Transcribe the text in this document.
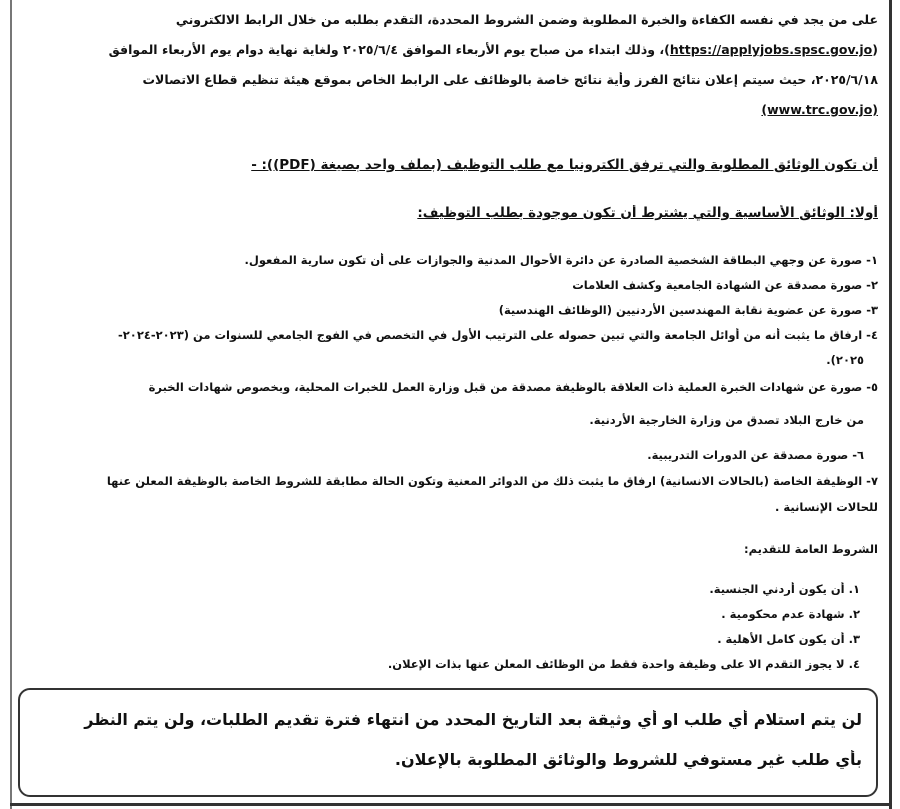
على من يجد في نفسه الكفاءة والخبرة المطلوبة وضمن الشروط المحددة، التقدم بطلبه من خلال الرابط الالكتروني
(https://applyjobs.spsc.gov.jo)، وذلك ابتداء من صباح يوم الأربعاء الموافق ٢٠٢٥/٦/٤ ولغاية نهاية دوام يوم الأربعاء الموافق
٢٠٢٥/٦/١٨، حيث سيتم إعلان نتائج الفرز وأية نتائج خاصة بالوظائف على الرابط الخاص بموقع هيئة تنظيم قطاع الاتصالات
(www.trc.gov.jo)
أن تكون الوثائق المطلوبة والتي ترفق الكترونيا مع طلب التوظيف (بملف واحد بصيغة (PDF)): -
أولا: الوثائق الأساسية والتي يشترط أن تكون موجودة بطلب التوظيف:
١- صورة عن وجهي البطاقة الشخصية الصادرة عن دائرة الأحوال المدنية والجوازات على أن تكون سارية المفعول.
٢- صورة مصدقة عن الشهادة الجامعية وكشف العلامات
٣- صورة عن عضوية نقابة المهندسين الأردنيين (الوظائف الهندسية)
٤- ارفاق ما يثبت أنه من أوائل الجامعة والتي تبين حصوله على الترتيب الأول في التخصص في الفوج الجامعي للسنوات من (٢٠٢٣-٢٠٢٤-
٢٠٢٥).
٥- صورة عن شهادات الخبرة العملية ذات العلاقة بالوظيفة مصدقة من قبل وزارة العمل للخبرات المحلية، وبخصوص شهادات الخبرة
من خارج البلاد تصدق من وزارة الخارجية الأردنية.
٦- صورة مصدقة عن الدورات التدريبية.
٧- الوظيفة الخاصة (بالحالات الانسانية) ارفاق ما يثبت ذلك من الدوائر المعنية وتكون الحالة مطابقة للشروط الخاصة بالوظيفة المعلن عنها
للحالات الإنسانية .
الشروط العامة للتقديم:
١. أن يكون أردني الجنسية.
٢. شهادة عدم محكومية .
٣. أن يكون كامل الأهلية .
٤. لا يجوز التقدم الا على وظيفة واحدة فقط من الوظائف المعلن عنها بذات الإعلان.
لن يتم استلام أي طلب او أي وثيقة بعد التاريخ المحدد من انتهاء فترة تقديم الطلبات، ولن يتم النظر
بأي طلب غير مستوفي للشروط والوثائق المطلوبة بالإعلان.
